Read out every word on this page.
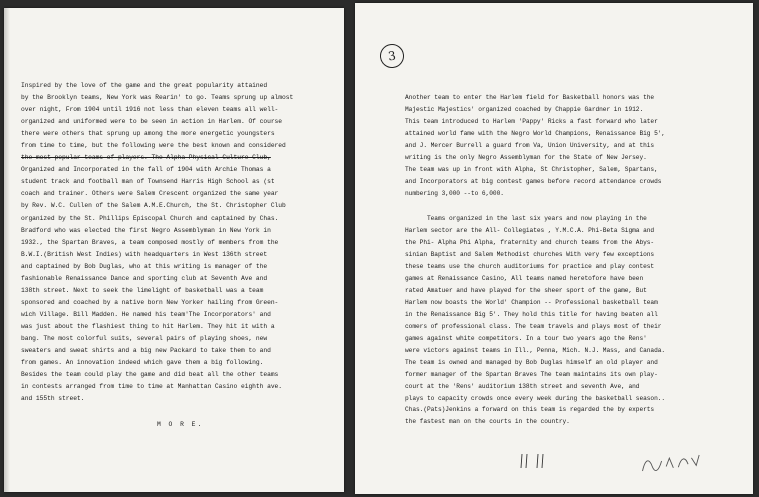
Inspired by the love of the game and the great popularity attained
by the Brooklyn teams, New York was Rearin' to go. Teams sprung up almost
over night, From 1904 until 1916 not less than eleven teams all well-
organized and uniformed were to be seen in action in Harlem. Of course
there were others that sprung up among the more energetic youngsters
from time to time, but the following were the best known and considered
the most popular teams of players. The Alpha Physical Culture Club,
Organized and Incorporated in the fall of 1904 with Archie Thomas a
student track and football man of Townsend Harris High School as (st
coach and trainer. Others were Salem Crescent organized the same year
by Rev. W.C. Cullen of the Salem A.M.E.Church, the St. Christopher Club
organized by the St. Phillips Episcopal Church and captained by Chas.
Bradford who was elected the first Negro Assemblyman in New York in
1932., the Spartan Braves, a team composed mostly of members from the
B.W.I.(British West Indies) with headquarters in West 136th street
and captained by Bob Duglas, who at this writing is manager of the
fashionable Renaissance Dance and sporting club at Seventh Ave and
138th street. Next to seek the limelight of basketball was a team
sponsored and coached by a native born New Yorker hailing from Green-
wich Village. Bill Madden. He named his team'The Incorporators' and
was just about the flashiest thing to hit Harlem. They hit it with a
bang. The most colorful suits, several pairs of playing shoes, new
sweaters and sweat shirts and a big new Packard to take them to and
from games. An innovation indeed which gave them a big following.
Besides the team could play the game and did beat all the other teams
in contests arranged from time to time at Manhattan Casino eighth ave.
and 155th street.
M O R E.
3
Another team to enter the Harlem field for Basketball honors was the
Majestic Majestics' organized coached by Chappie Gardner in 1912.
This team introduced to Harlem 'Pappy' Ricks a fast forward who later
attained world fame with the Negro World Champions, Renaissance Big 5',
and J. Mercer Burrell a guard from Va, Union University, and at this
writing is the only Negro Assemblyman for the State of New Jersey.
The team was up in front with Alpha, St Christopher, Salem, Spartans,
and Incorporators at big contest games before record attendance crowds
numbering 3,000 --to 6,000.
Teams organized in the last six years and now playing in the
Harlem sector are the All- Collegiates , Y.M.C.A. Phi-Beta Sigma and
the Phi- Alpha Phi Alpha, fraternity and church teams from the Abys-
sinian Baptist and Salem Methodist churches With very few exceptions
these teams use the church auditoriums for practice and play contest
games at Renaissance Casino, All teams named heretofore have been
rated Amatuer and have played for the sheer sport of the game, But
Harlem now boasts the World' Champion -- Professional basketball team
in the Renaissance Big 5'. They hold this title for having beaten all
comers of professional class. The team travels and plays most of their
games against white competitors. In a tour two years ago the Rens'
were victors against teams in Ill., Penna, Mich. N.J. Mass, and Canada.
The team is owned and managed by Bob Duglas himself an old player and
former manager of the Spartan Braves The team maintains its own play-
court at the 'Rens' auditorium 138th street and seventh Ave, and
plays to capacity crowds once every week during the basketball season..
Chas.(Pats)Jenkins a forward on this team is regarded the by experts
the fastest man on the courts in the country.
